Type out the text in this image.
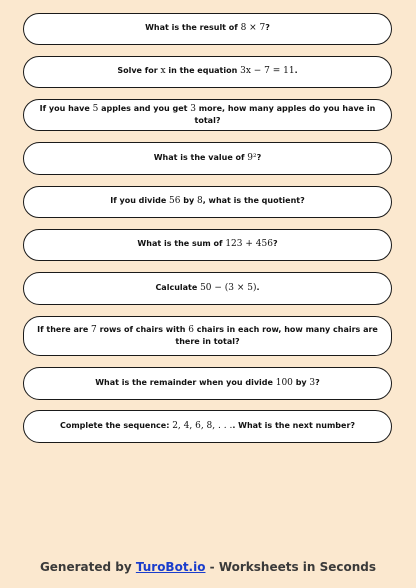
What is the result of 8 × 7?
Solve for x in the equation 3x − 7 = 11.
If you have 5 apples and you get 3 more, how many apples do you have in total?
What is the value of 9²?
If you divide 56 by 8, what is the quotient?
What is the sum of 123 + 456?
Calculate 50 − (3 × 5).
If there are 7 rows of chairs with 6 chairs in each row, how many chairs are there in total?
What is the remainder when you divide 100 by 3?
Complete the sequence: 2, 4, 6, 8, . . .. What is the next number?
Generated by TuroBot.io - Worksheets in Seconds
